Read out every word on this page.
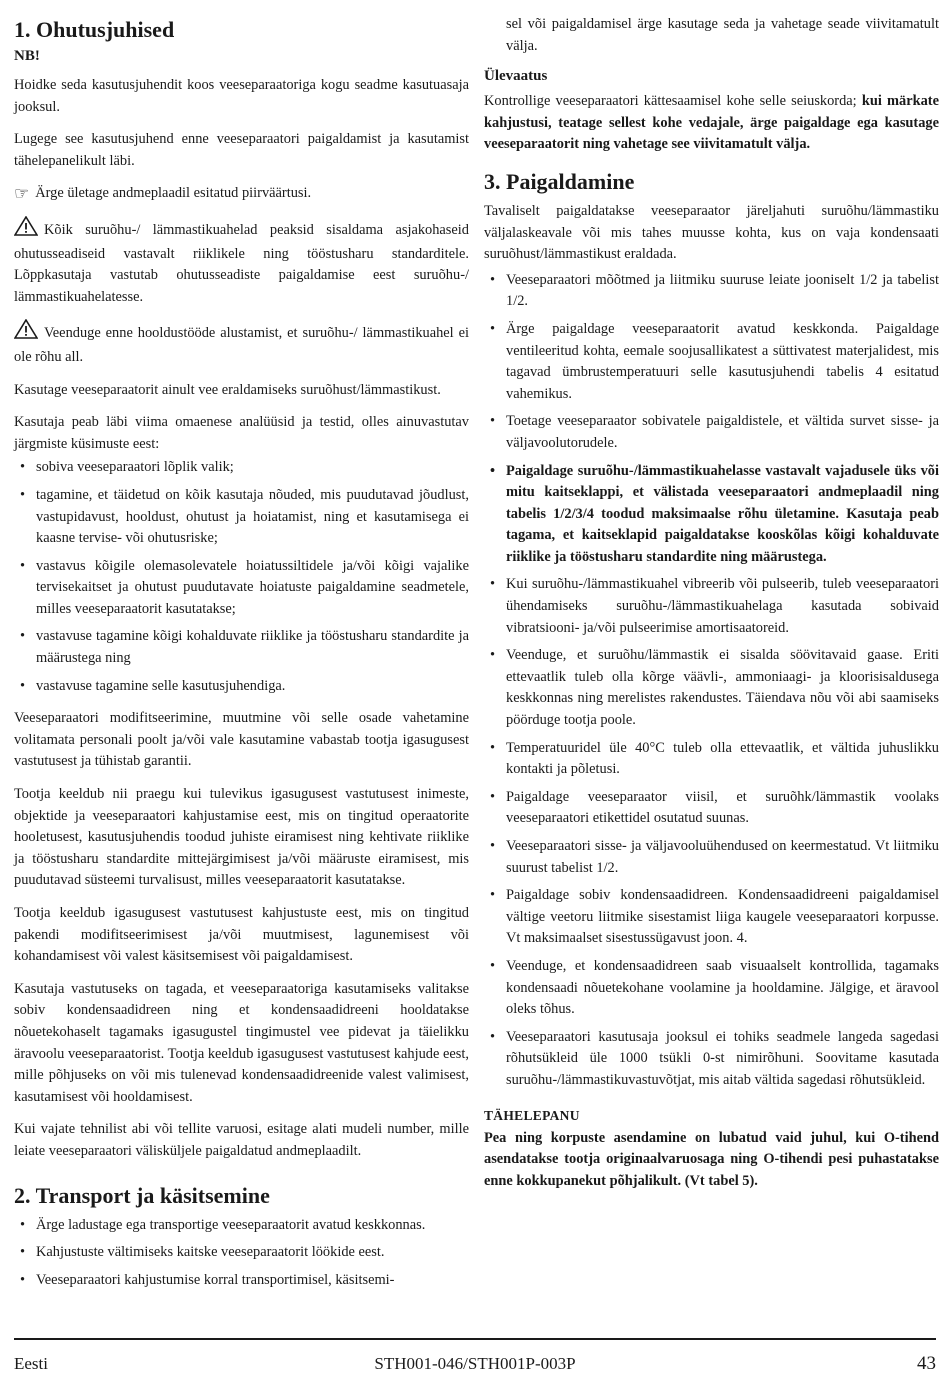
1. Ohutusjuhised
NB!

Hoidke seda kasutusjuhendit koos veeseparaatoriga kogu seadme kasutuasaja jooksul.

Lugege see kasutusjuhend enne veeseparaatori paigaldamist ja kasutamist tähelepanelikult läbi.

☞ Ärge ületage andmeplaadil esitatud piirväärtusi.

Kõik suruõhu-/ lämmastikuahelad peaksid sisaldama asjakohaseid ohutusseadiseid vastavalt riiklikele ning tööstusharu standarditele. Lõppkasutaja vastutab ohutusseadiste paigaldamise eest suruõhu-/ lämmastikuahelatesse.

Veenduge enne hooldustööde alustamist, et suruõhu-/ lämmastikuahel ei ole rõhu all.

Kasutage veeseparaatorit ainult vee eraldamiseks suruõhust/lämmastikust.

Kasutaja peab läbi viima omaenese analüüsid ja testid, olles ainuvastutav järgmiste küsimuste eest:

• sobiva veeseparaatori lõplik valik;
• tagamine, et täidetud on kõik kasutaja nõuded, mis puudutavad jõudlust, vastupidavust, hooldust, ohutust ja hoiatamist, ning et kasutamisega ei kaasne tervise- või ohutusriske;
• vastavus kõigile olemasolevatele hoiatussiltidele ja/või kõigi vajalike tervisekaitset ja ohutust puudutavate hoiatuste paigaldamine seadmetele, milles veeseparaatorit kasutatakse;
• vastavuse tagamine kõigi kohalduvate riiklike ja tööstusharu standardite ja määrustega ning
• vastavuse tagamine selle kasutusjuhendiga.

Veeseparaatori modifitseerimine, muutmine või selle osade vahetamine volitamata personali poolt ja/või vale kasutamine vabastab tootja igasugusest vastutusest ja tühistab garantii.

Tootja keeldub nii praegu kui tulevikus igasugusest vastutusest inimeste, objektide ja veeseparaatori kahjustamise eest, mis on tingitud operaatorite hooletusest, kasutusjuhendis toodud juhiste eiramisest ning kehtivate riiklike ja tööstusharu standardite mittejärgimisest ja/või määruste eiramisest, mis puudutavad süsteemi turvalisust, milles veeseparaatorit kasutatakse.

Tootja keeldub igasugusest vastutusest kahjustuste eest, mis on tingitud pakendi modifitseerimisest ja/või muutmisest, lagunemisest või kohandamisest või valest käsitsemisest või paigaldamisest.

Kasutaja vastutuseks on tagada, et veeseparaatoriga kasutamiseks valitakse sobiv kondensaadidreen ning et kondensaadidreeni hooldatakse nõuetekohaselt tagamaks igasugustel tingimustel vee pidevat ja täielikku äravoolu veeseparaatorist. Tootja keeldub igasugusest vastutusest kahjude eest, mille põhjuseks on või mis tulenevad kondensaadidreenide valest valimisest, kasutamisest või hooldamisest.

Kui vajate tehnilist abi või tellite varuosi, esitage alati mudeli number, mille leiate veeseparaatori välisküljele paigaldatud andmeplaadilt.

2. Transport ja käsitsemine
• Ärge ladustage ega transportige veeseparaatorit avatud keskkonnas.
• Kahjustuste vältimiseks kaitske veeseparaatorit löökide eest.
• Veeseparaatori kahjustumise korral transportimisel, käsitsemi-

sel või paigaldamisel ärge kasutage seda ja vahetage seade viivitamatult välja.

Ülevaatus

Kontrollige veeseparaatori kättesaamisel kohe selle seiuskorda; kui märkate kahjustusi, teatage sellest kohe vedajale, ärge paigaldage ega kasutage veeseparaatorit ning vahetage see viivitamatult välja.

3. Paigaldamine

Tavaliselt paigaldatakse veeseparaator järeljahuti suruõhu/lämmastiku väljalaskeavale või mis tahes muusse kohta, kus on vaja kondensaati suruõhust/lämmastikust eraldada.

• Veeseparaatori mõõtmed ja liitmiku suuruse leiate jooniselt 1/2 ja tabelist 1/2.
• Ärge paigaldage veeseparaatorit avatud keskkonda. Paigaldage ventileeritud kohta, eemale soojusallikatest a süttivatest materjalidest, mis tagavad ümbrustemperatuuri selle kasutusjuhendi tabelis 4 esitatud vahemikus.
• Toetage veeseparaator sobivatele paigaldistele, et vältida survet sisse- ja väljavoolutorudele.
• Paigaldage suruõhu-/lämmastikuahelasse vastavalt vajadusele üks või mitu kaitseklappi, et välistada veeseparaatori andmeplaadil ning tabelis 1/2/3/4 toodud maksimaalse rõhu ületamine. Kasutaja peab tagama, et kaitseklapid paigaldatakse kooskõlas kõigi kohalduvate riiklike ja tööstusharu standardite ning määrustega.
• Kui suruõhu-/lämmastikuahel vibreerib või pulseerib, tuleb veeseparaatori ühendamiseks suruõhu-/lämmastikuahelaga kasutada sobivaid vibratsiooni- ja/või pulseerimise amortisaatoreid.
• Veenduge, et suruõhu/lämmastik ei sisalda söövitavaid gaase. Eriti ettevaatlik tuleb olla kõrge väävli-, ammoniaagi- ja kloorisisaldusega keskkonnas ning merelistes rakendustes. Täiendava nõu või abi saamiseks pöörduge tootja poole.
• Temperatuuridel üle 40°C tuleb olla ettevaatlik, et vältida juhuslikku kontakti ja põletusi.
• Paigaldage veeseparaator viisil, et suruõhk/lämmastik voolaks veeseparaatori etikettidel osutatud suunas.
• Veeseparaatori sisse- ja väljavooluühendused on keermestatud. Vt liitmiku suurust tabelist 1/2.
• Paigaldage sobiv kondensaadidreen. Kondensaadidreeni paigaldamisel vältige veetoru liitmike sisestamist liiga kaugele veeseparaatori korpusse. Vt maksimaalset sisestussügavust joon. 4.
• Veenduge, et kondensaadidreen saab visuaalselt kontrollida, tagamaks kondensaadi nõuetekohane voolamine ja hooldamine. Jälgige, et äravool oleks tõhus.
• Veeseparaatori kasutusaja jooksul ei tohiks seadmele langeda sagedasi rõhutsükleid üle 1000 tsükli 0-st nimirõhuni. Soovitame kasutada suruõhu-/lämmastikuvastuvõtjat, mis aitab vältida sagedasi rõhutsükleid.
TÄHELEPANU

Pea ning korpuste asendamine on lubatud vaid juhul, kui O-tihend asendatakse tootja originaalvaruosaga ning O-tihendi pesi puhastatakse enne kokkupanekut põhjalikult. (Vt tabel 5).

Eesti	STH001-046/STH001P-003P	43
